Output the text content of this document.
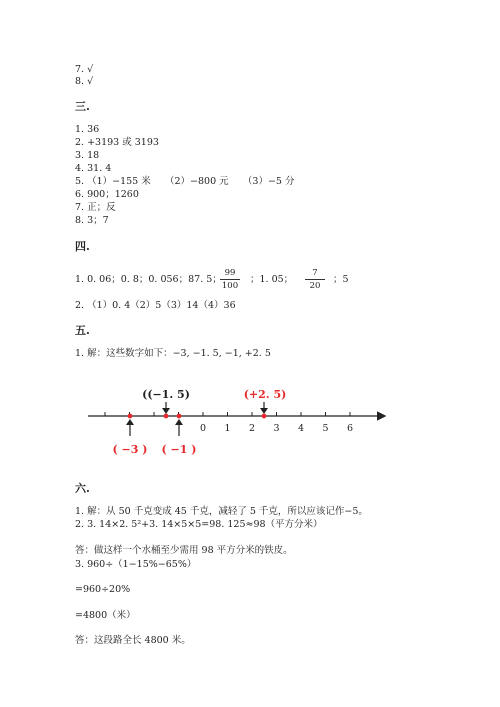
7. √
8. √
三.
1. 36
2. +3193 或 3193
3. 18
4. 31. 4
5. （1）−155 米　　（2）−800 元　　（3）−5 分
6. 900；1260
7. 正；反
8. 3；7
四.
1. 0. 06；0. 8；0. 056；87. 5；
99
100
；1. 05；
7
20
；5
2. （1）0. 4（2）5（3）14（4）36
五.
1. 解：这些数字如下：−3, −1. 5, −1, +2. 5
0 1 2 3 4 5 6
((−1. 5)	(+2. 5)
( −3 ) ( −1 )
六.
1. 解：从 50 千克变成 45 千克，减轻了 5 千克，所以应该记作−5。
2. 3. 14×2. 5²+3. 14×5×5=98. 125≈98（平方分米）
答：做这样一个水桶至少需用 98 平方分米的铁皮。
3. 960÷（1−15%−65%）
=960÷20%
=4800（米）
答：这段路全长 4800 米。
